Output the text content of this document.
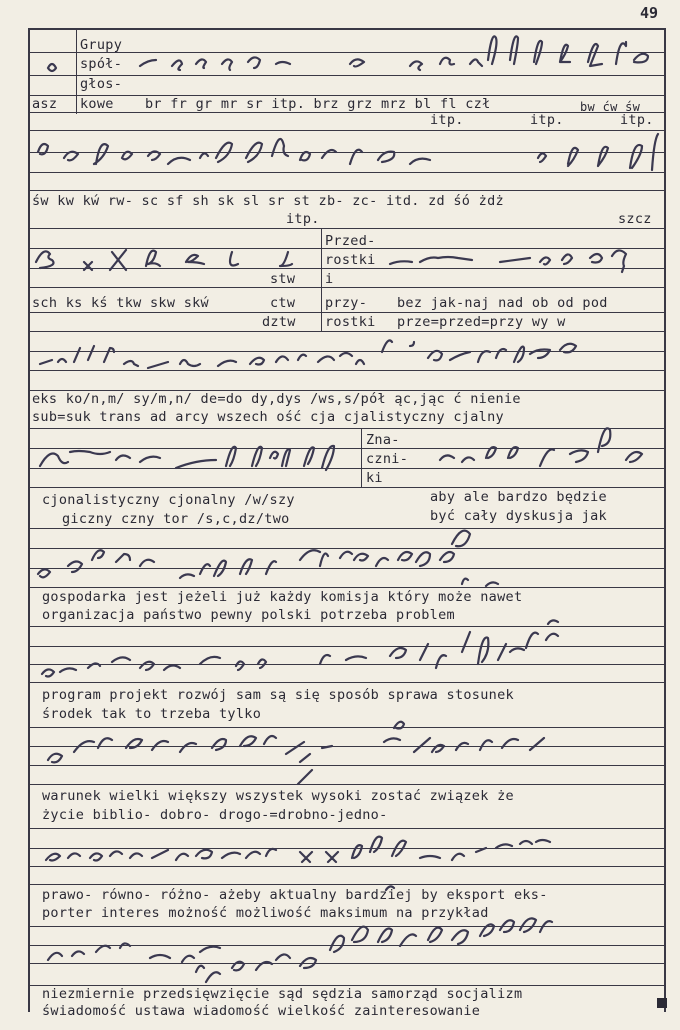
49
Grupy
spół-
głos-
asz kowe br fr gr mr sr itp. brz grz mrz bl fl czł	bw ćw św
itp.	itp.	itp.
św kw kẃ rw- sc sf sh sk sl sr st zb- zc- itd. zd śó żdż
itp.	szcz
Przed-
rostki
i
stw
sch ks kś tkw skw skẃ	ctw
dztw
przy- bez jak-naj nad ob od pod
rostki prze=przed=przy wy w
eks ko/n,m/ sy/m,n/ de=do dy,dys /ws,s/pół ąc,jąc ć nienie
sub=suk trans ad arcy wszech ość cja cjalistyczny cjalny
Zna-
czni-
ki
cjonalistyczny cjonalny /w/szy
giczny czny tor /s,c,dz/two
aby ale bardzo będzie
być cały dyskusja jak
gospodarka jest jeżeli już każdy komisja który może nawet
organizacja państwo pewny polski potrzeba problem
program projekt rozwój sam są się sposób sprawa stosunek
środek tak to trzeba tylko
warunek wielki większy wszystek wysoki zostać związek że
życie biblio- dobro- drogo-=drobno-jedno-
prawo- równo- różno- ażeby aktualny bardziej by eksport eks-
porter interes możność możliwość maksimum na przykład
niezmiernie przedsięwzięcie sąd sędzia samorząd socjalizm
świadomość ustawa wiadomość wielkość zainteresowanie
